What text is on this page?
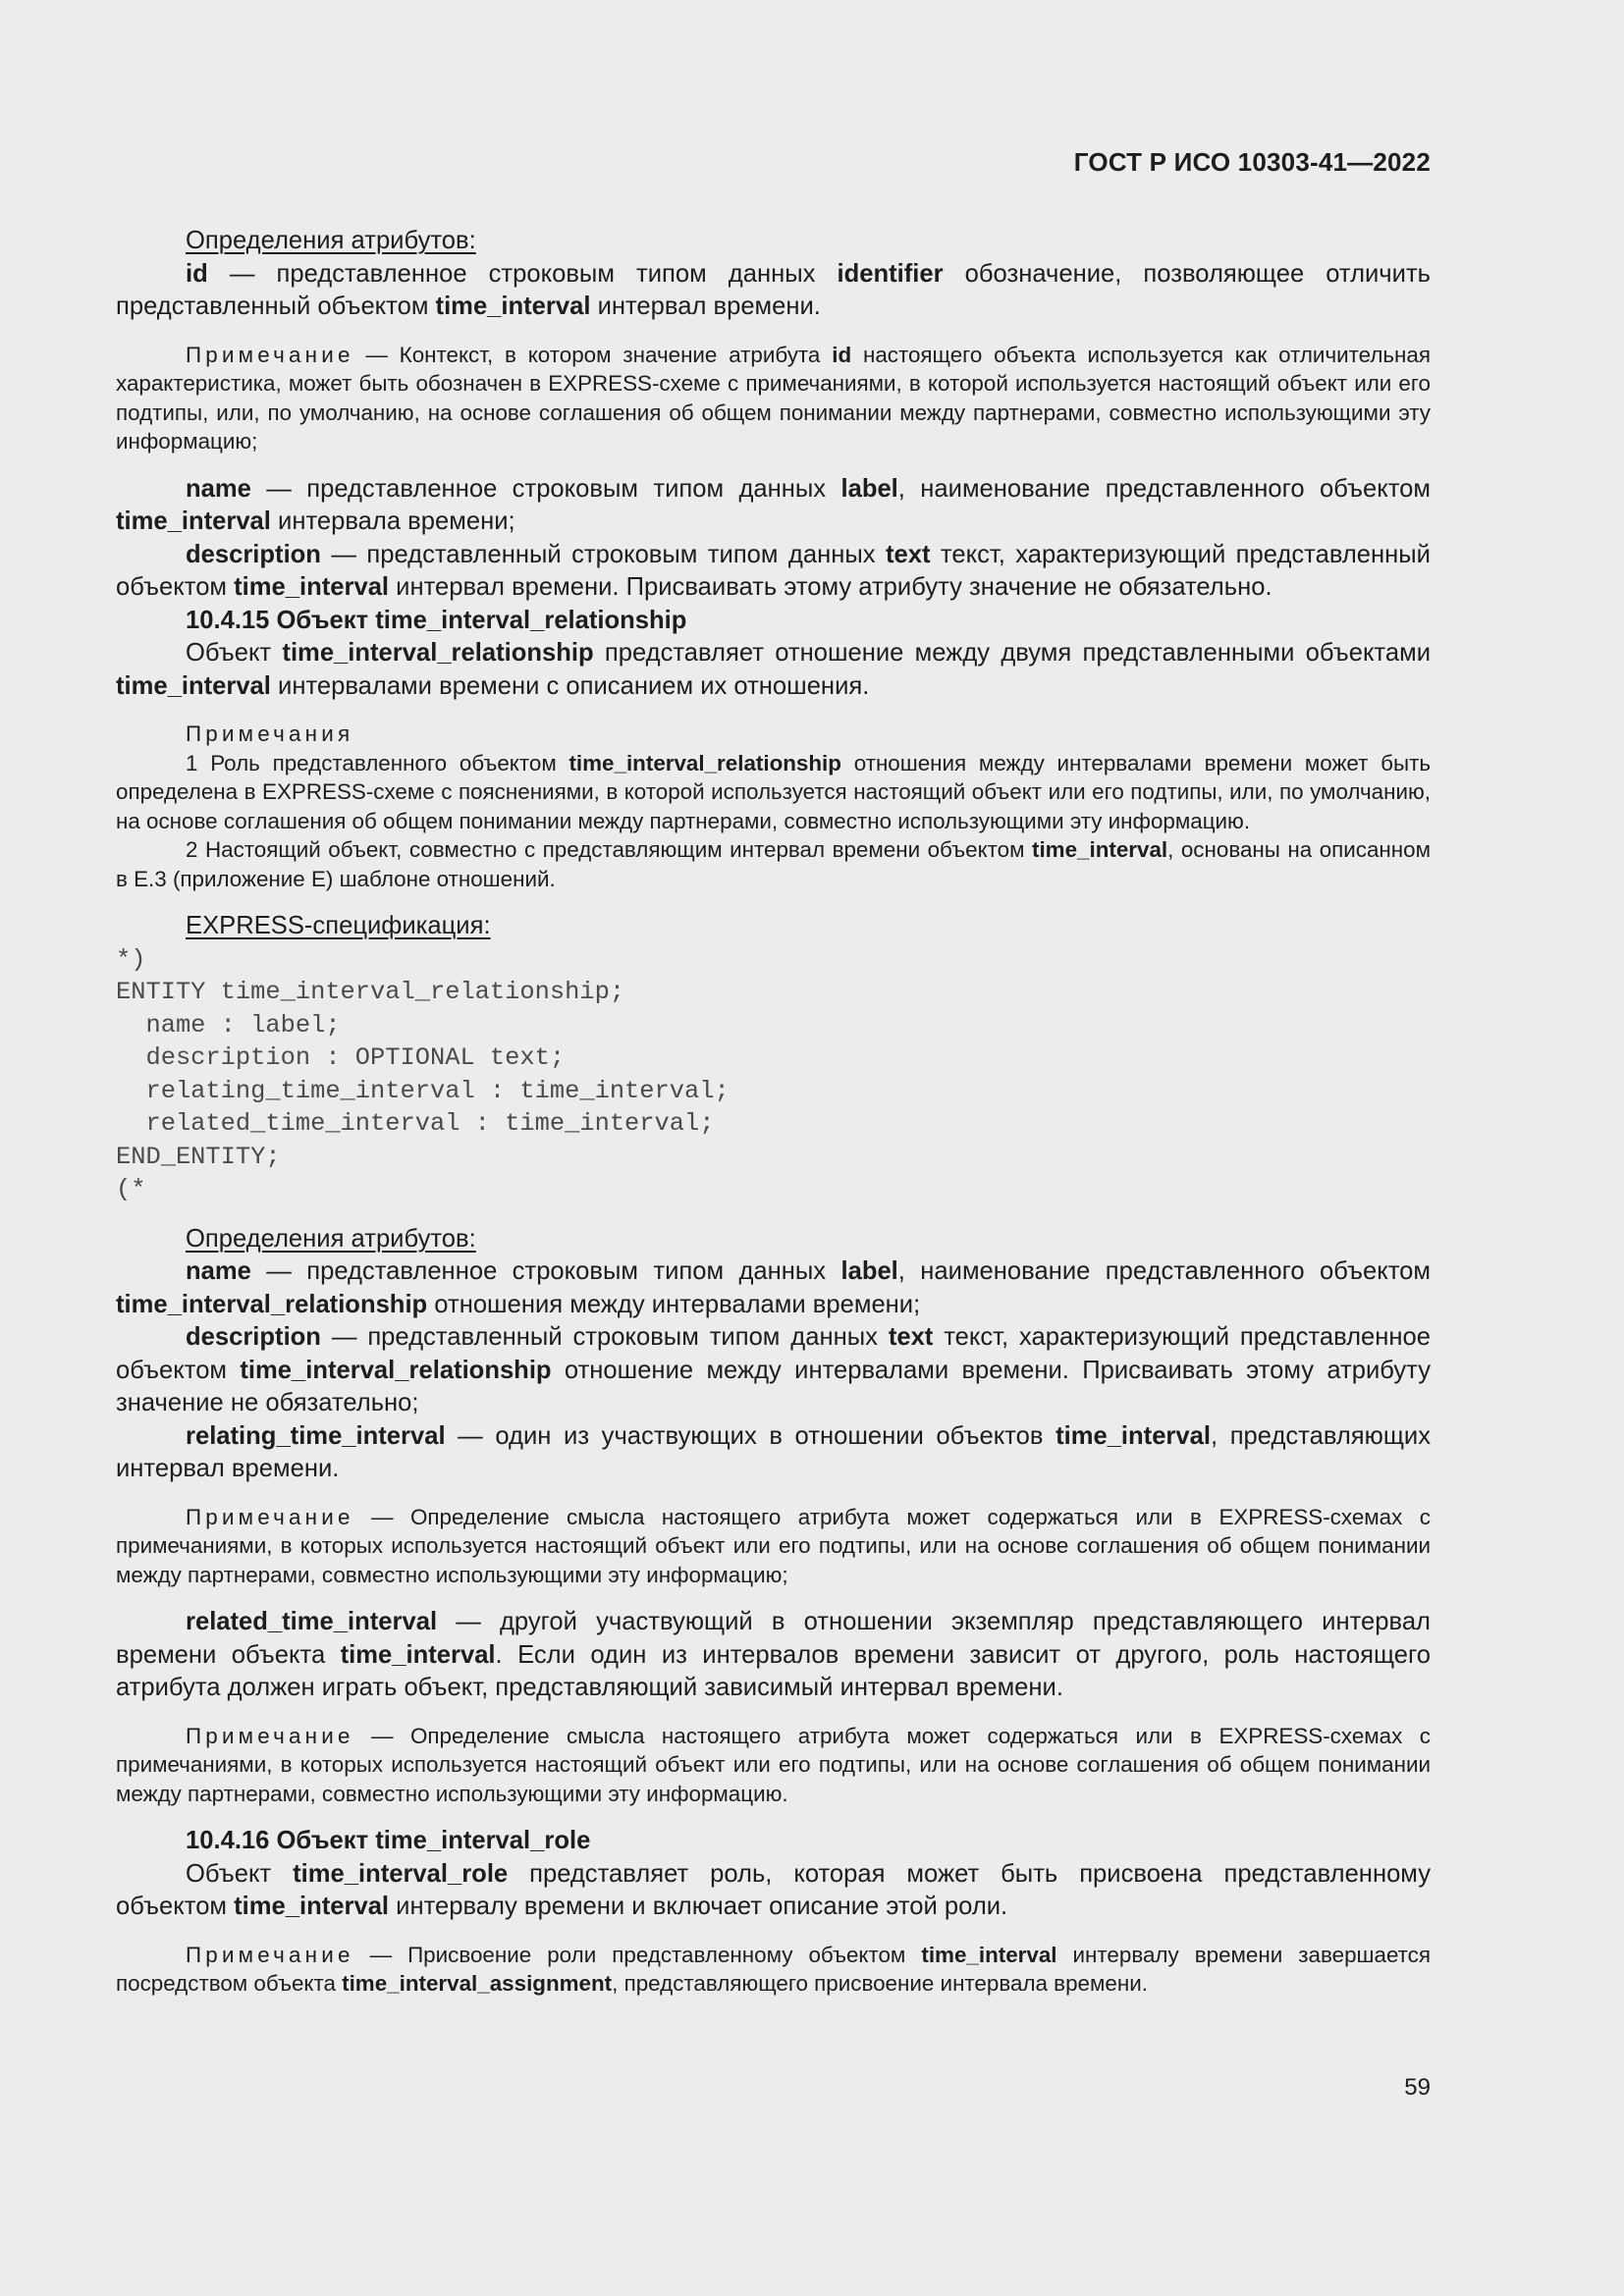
ГОСТ Р ИСО 10303-41—2022

Определения атрибутов:

id — представленное строковым типом данных identifier обозначение, позволяющее отличить представленный объектом time_interval интервал времени.

Примечание — Контекст, в котором значение атрибута id настоящего объекта используется как отличительная характеристика, может быть обозначен в EXPRESS-схеме с примечаниями, в которой используется настоящий объект или его подтипы, или, по умолчанию, на основе соглашения об общем понимании между партнерами, совместно использующими эту информацию;

name — представленное строковым типом данных label, наименование представленного объектом time_interval интервала времени;

description — представленный строковым типом данных text текст, характеризующий представленный объектом time_interval интервал времени. Присваивать этому атрибуту значение не обязательно.

10.4.15 Объект time_interval_relationship

Объект time_interval_relationship представляет отношение между двумя представленными объектами time_interval интервалами времени с описанием их отношения.

Примечания

1 Роль представленного объектом time_interval_relationship отношения между интервалами времени может быть определена в EXPRESS-схеме с пояснениями, в которой используется настоящий объект или его подтипы, или, по умолчанию, на основе соглашения об общем понимании между партнерами, совместно использующими эту информацию.

2 Настоящий объект, совместно с представляющим интервал времени объектом time_interval, основаны на описанном в Е.3 (приложение Е) шаблоне отношений.

EXPRESS-спецификация:

*)
ENTITY time_interval_relationship;
name : label;
description : OPTIONAL text;
relating_time_interval : time_interval;
related_time_interval : time_interval;
END_ENTITY;
(*

Определения атрибутов:

name — представленное строковым типом данных label, наименование представленного объектом time_interval_relationship отношения между интервалами времени;

description — представленный строковым типом данных text текст, характеризующий представленное объектом time_interval_relationship отношение между интервалами времени. Присваивать этому атрибуту значение не обязательно;

relating_time_interval — один из участвующих в отношении объектов time_interval, представляющих интервал времени.

Примечание — Определение смысла настоящего атрибута может содержаться или в EXPRESS-схемах с примечаниями, в которых используется настоящий объект или его подтипы, или на основе соглашения об общем понимании между партнерами, совместно использующими эту информацию;

related_time_interval — другой участвующий в отношении экземпляр представляющего интервал времени объекта time_interval. Если один из интервалов времени зависит от другого, роль настоящего атрибута должен играть объект, представляющий зависимый интервал времени.

Примечание — Определение смысла настоящего атрибута может содержаться или в EXPRESS-схемах с примечаниями, в которых используется настоящий объект или его подтипы, или на основе соглашения об общем понимании между партнерами, совместно использующими эту информацию.

10.4.16 Объект time_interval_role

Объект time_interval_role представляет роль, которая может быть присвоена представленному объектом time_interval интервалу времени и включает описание этой роли.

Примечание — Присвоение роли представленному объектом time_interval интервалу времени завершается посредством объекта time_interval_assignment, представляющего присвоение интервала времени.

59
